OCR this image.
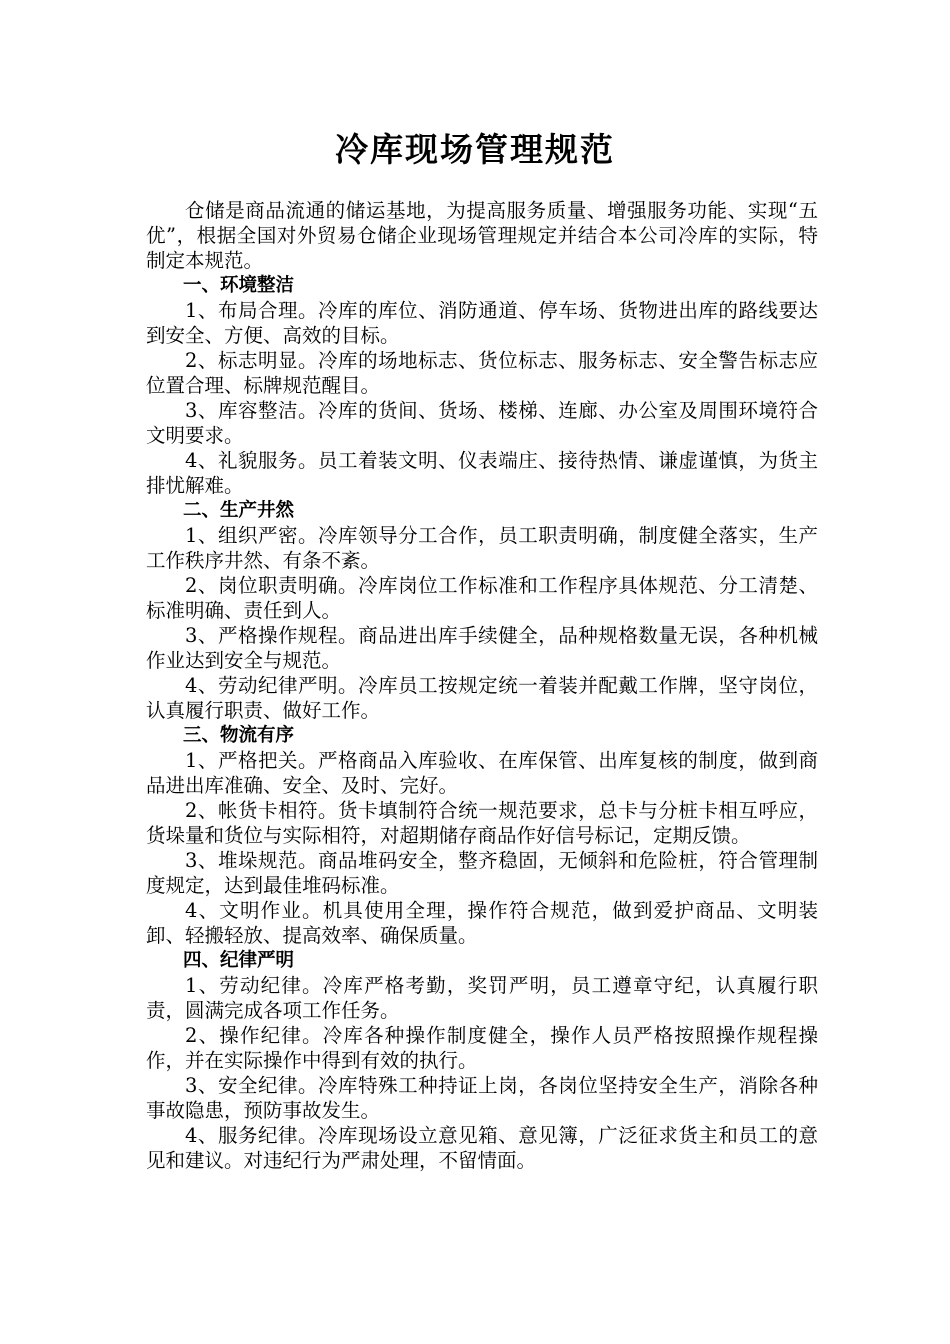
冷库现场管理规范

仓储是商品流通的储运基地，为提高服务质量、增强服务功能、实现“五优”，根据全国对外贸易仓储企业现场管理规定并结合本公司冷库的实际，特制定本规范。

一、环境整洁

1、布局合理。冷库的库位、消防通道、停车场、货物进出库的路线要达到安全、方便、高效的目标。

2、标志明显。冷库的场地标志、货位标志、服务标志、安全警告标志应位置合理、标牌规范醒目。

3、库容整洁。冷库的货间、货场、楼梯、连廊、办公室及周围环境符合文明要求。

4、礼貌服务。员工着装文明、仪表端庄、接待热情、谦虚谨慎，为货主排忧解难。

二、生产井然

1、组织严密。冷库领导分工合作，员工职责明确，制度健全落实，生产工作秩序井然、有条不紊。

2、岗位职责明确。冷库岗位工作标准和工作程序具体规范、分工清楚、标准明确、责任到人。

3、严格操作规程。商品进出库手续健全，品种规格数量无误，各种机械作业达到安全与规范。

4、劳动纪律严明。冷库员工按规定统一着装并配戴工作牌，坚守岗位，认真履行职责、做好工作。

三、物流有序

1、严格把关。严格商品入库验收、在库保管、出库复核的制度，做到商品进出库准确、安全、及时、完好。

2、帐货卡相符。货卡填制符合统一规范要求，总卡与分桩卡相互呼应，货垛量和货位与实际相符，对超期储存商品作好信号标记，定期反馈。

3、堆垛规范。商品堆码安全，整齐稳固，无倾斜和危险桩，符合管理制度规定，达到最佳堆码标准。

4、文明作业。机具使用全理，操作符合规范，做到爱护商品、文明装卸、轻搬轻放、提高效率、确保质量。

四、纪律严明

1、劳动纪律。冷库严格考勤，奖罚严明，员工遵章守纪，认真履行职责，圆满完成各项工作任务。

2、操作纪律。冷库各种操作制度健全，操作人员严格按照操作规程操作，并在实际操作中得到有效的执行。

3、安全纪律。冷库特殊工种持证上岗，各岗位坚持安全生产，消除各种事故隐患，预防事故发生。

4、服务纪律。冷库现场设立意见箱、意见簿，广泛征求货主和员工的意见和建议。对违纪行为严肃处理，不留情面。
